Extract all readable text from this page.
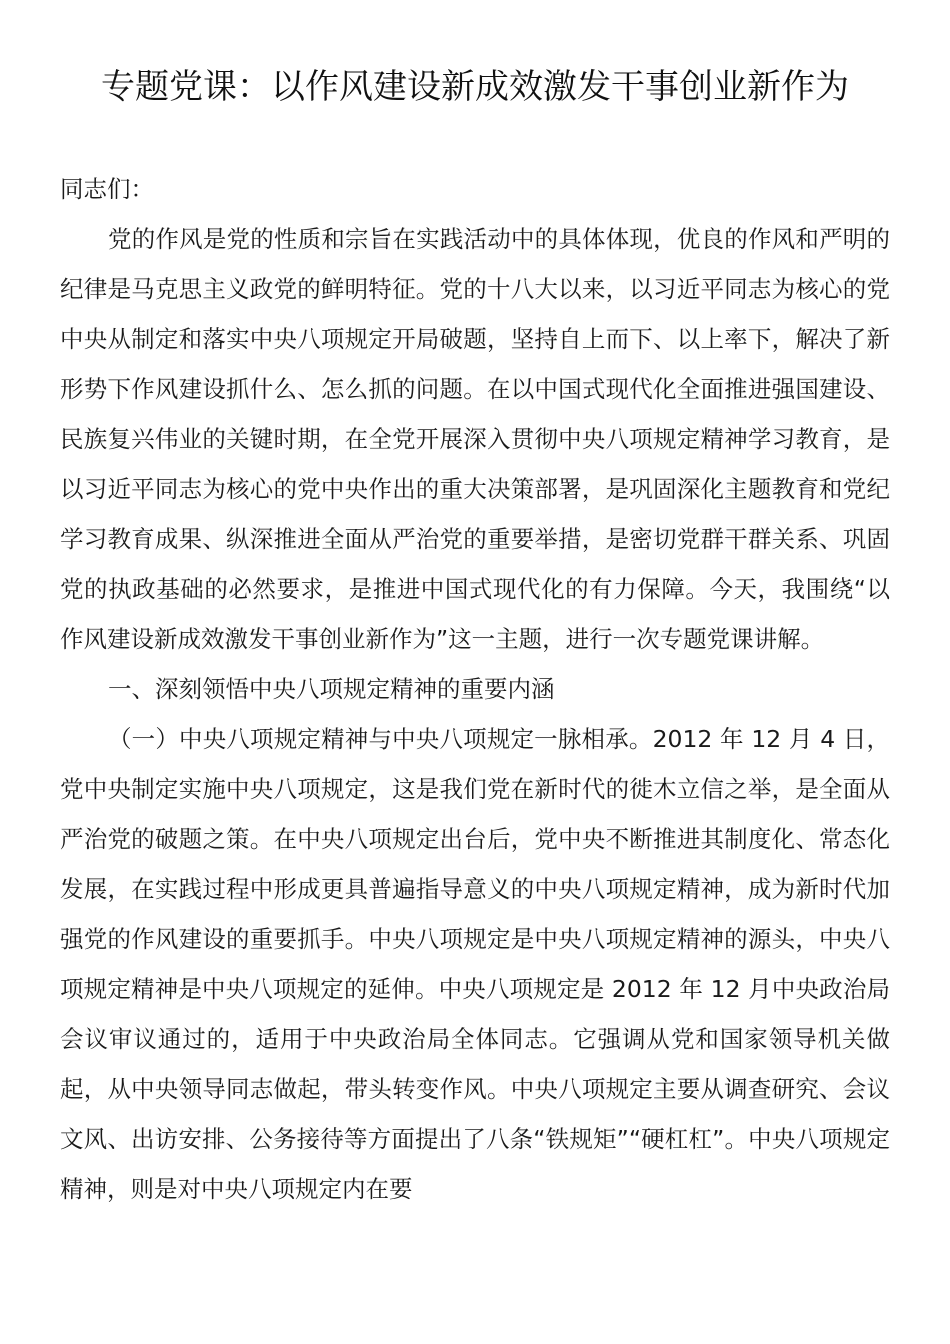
专题党课：以作风建设新成效激发干事创业新作为

同志们：

党的作风是党的性质和宗旨在实践活动中的具体体现，优良的作风和严明的纪律是马克思主义政党的鲜明特征。党的十八大以来，以习近平同志为核心的党中央从制定和落实中央八项规定开局破题，坚持自上而下、以上率下，解决了新形势下作风建设抓什么、怎么抓的问题。在以中国式现代化全面推进强国建设、民族复兴伟业的关键时期，在全党开展深入贯彻中央八项规定精神学习教育，是以习近平同志为核心的党中央作出的重大决策部署，是巩固深化主题教育和党纪学习教育成果、纵深推进全面从严治党的重要举措，是密切党群干群关系、巩固党的执政基础的必然要求，是推进中国式现代化的有力保障。今天，我围绕“以作风建设新成效激发干事创业新作为”这一主题，进行一次专题党课讲解。

一、深刻领悟中央八项规定精神的重要内涵

（一）中央八项规定精神与中央八项规定一脉相承。2012 年 12 月 4 日，党中央制定实施中央八项规定，这是我们党在新时代的徙木立信之举，是全面从严治党的破题之策。在中央八项规定出台后，党中央不断推进其制度化、常态化发展，在实践过程中形成更具普遍指导意义的中央八项规定精神，成为新时代加强党的作风建设的重要抓手。中央八项规定是中央八项规定精神的源头，中央八项规定精神是中央八项规定的延伸。中央八项规定是 2012 年 12 月中央政治局会议审议通过的，适用于中央政治局全体同志。它强调从党和国家领导机关做起，从中央领导同志做起，带头转变作风。中央八项规定主要从调查研究、会议文风、出访安排、公务接待等方面提出了八条“铁规矩”“硬杠杠”。中央八项规定精神，则是对中央八项规定内在要
